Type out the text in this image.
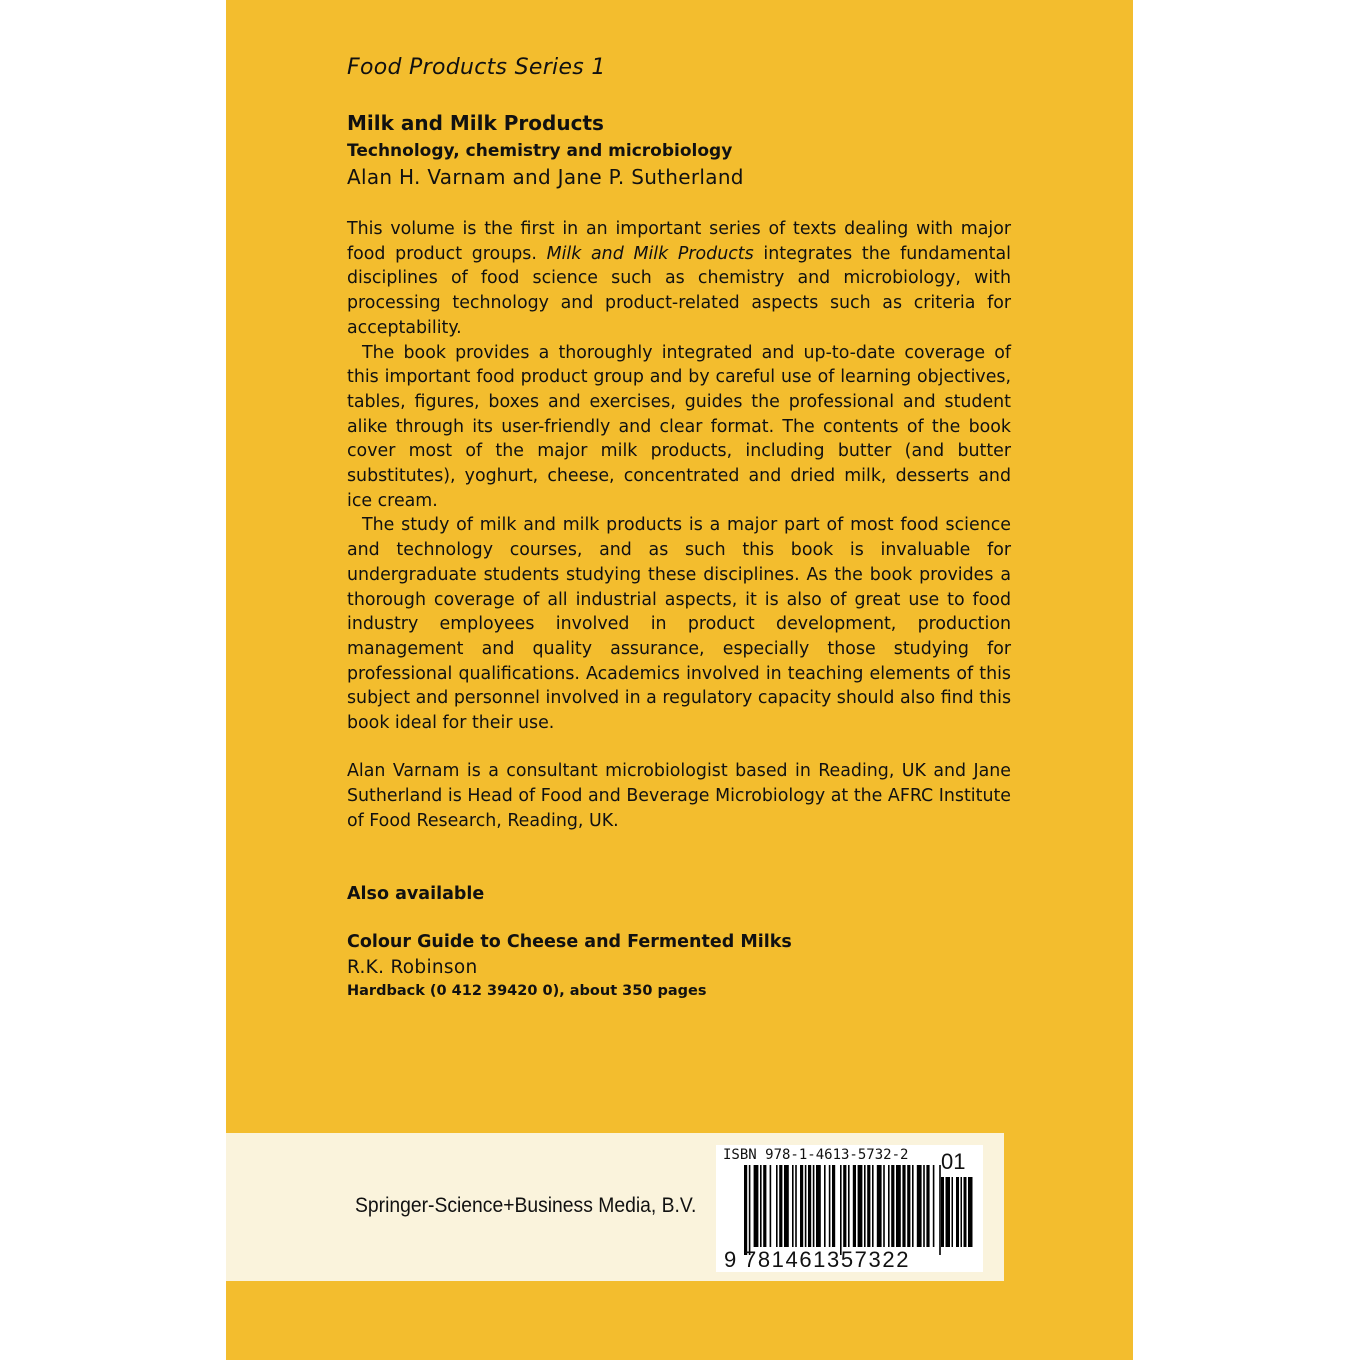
Food Products Series 1
Milk and Milk Products
Technology, chemistry and microbiology
Alan H. Varnam and Jane P. Sutherland

This volume is the first in an important series of texts dealing with major food product groups. Milk and Milk Products integrates the fundamental disciplines of food science such as chemistry and microbiology, with processing technology and product-related aspects such as criteria for acceptability.

The book provides a thoroughly integrated and up-to-date coverage of this important food product group and by careful use of learning objectives, tables, figures, boxes and exercises, guides the professional and student alike through its user-friendly and clear format. The contents of the book cover most of the major milk products, including butter (and butter substitutes), yoghurt, cheese, concentrated and dried milk, desserts and ice cream.

The study of milk and milk products is a major part of most food science and technology courses, and as such this book is invaluable for undergraduate students studying these disciplines. As the book provides a thorough coverage of all industrial aspects, it is also of great use to food industry employees involved in product development, production management and quality assurance, especially those studying for professional qualifications. Academics involved in teaching elements of this subject and personnel involved in a regulatory capacity should also find this book ideal for their use.

Alan Varnam is a consultant microbiologist based in Reading, UK and Jane Sutherland is Head of Food and Beverage Microbiology at the AFRC Institute of Food Research, Reading, UK.

Also available
Colour Guide to Cheese and Fermented Milks
R.K. Robinson
Hardback (0 412 39420 0), about 350 pages
Springer-Science+Business Media, B.V.
ISBN 978-1-4613-5732-2 01
9 781461357322
